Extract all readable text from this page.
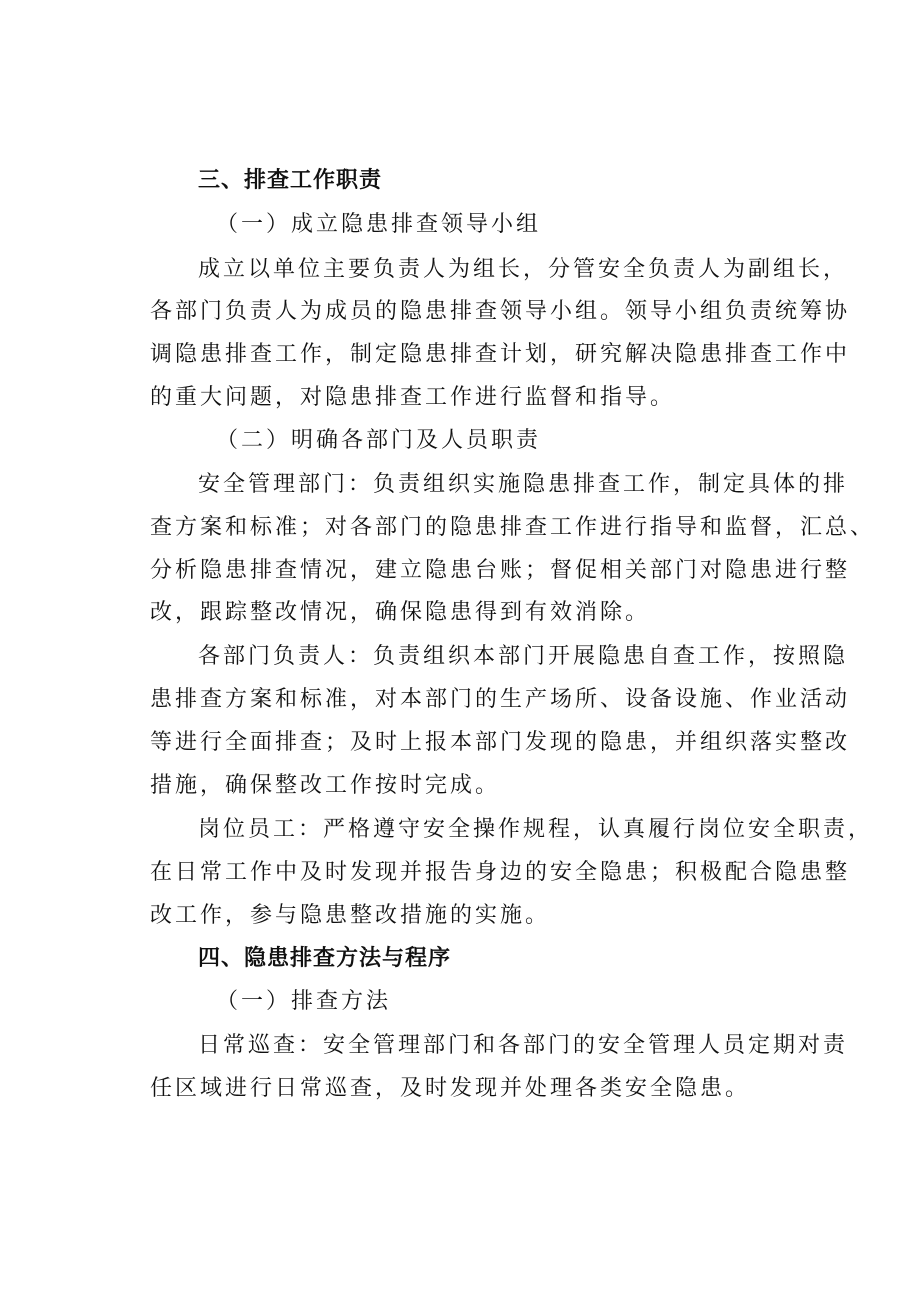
三、排查工作职责
（一）成立隐患排查领导小组
成立以单位主要负责人为组长，分管安全负责人为副组长，
各部门负责人为成员的隐患排查领导小组。领导小组负责统筹协
调隐患排查工作，制定隐患排查计划，研究解决隐患排查工作中
的重大问题，对隐患排查工作进行监督和指导。
（二）明确各部门及人员职责
安全管理部门：负责组织实施隐患排查工作，制定具体的排
查方案和标准；对各部门的隐患排查工作进行指导和监督，汇总、
分析隐患排查情况，建立隐患台账；督促相关部门对隐患进行整
改，跟踪整改情况，确保隐患得到有效消除。
各部门负责人：负责组织本部门开展隐患自查工作，按照隐
患排查方案和标准，对本部门的生产场所、设备设施、作业活动
等进行全面排查；及时上报本部门发现的隐患，并组织落实整改
措施，确保整改工作按时完成。
岗位员工：严格遵守安全操作规程，认真履行岗位安全职责，
在日常工作中及时发现并报告身边的安全隐患；积极配合隐患整
改工作，参与隐患整改措施的实施。
四、隐患排查方法与程序
（一）排查方法
日常巡查：安全管理部门和各部门的安全管理人员定期对责
任区域进行日常巡查，及时发现并处理各类安全隐患。
